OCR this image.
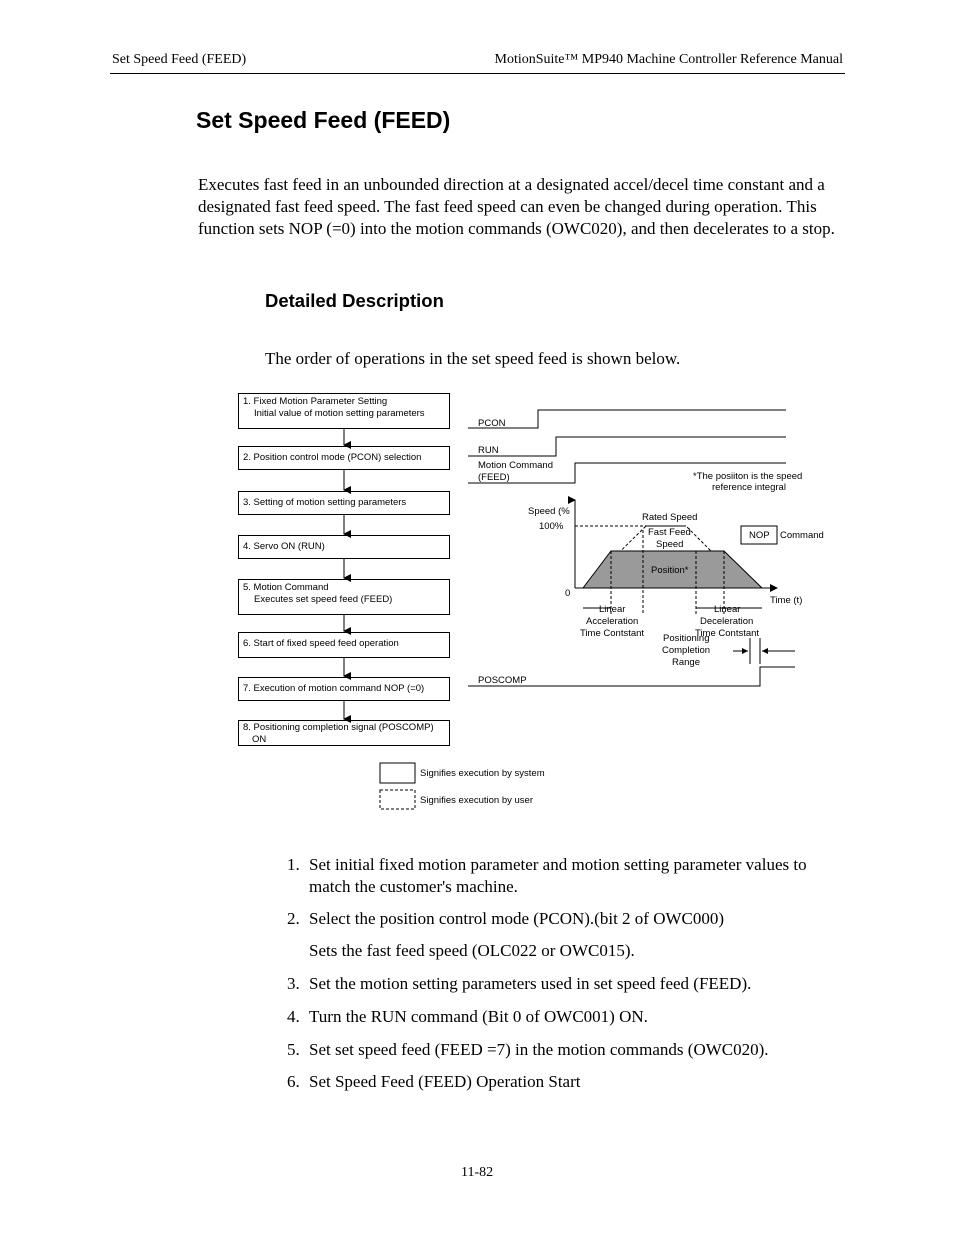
Set Speed Feed (FEED)	MotionSuite™ MP940 Machine Controller Reference Manual
Set Speed Feed (FEED)

Executes fast feed in an unbounded direction at a designated accel/decel time constant and a designated fast feed speed. The fast feed speed can even be changed during operation. This function sets NOP (=0) into the motion commands (OWC020), and then decelerates to a stop.

Detailed Description
The order of operations in the set speed feed is shown below.
1. Fixed Motion Parameter Setting
Initial value of motion setting parameters
2. Position control mode (PCON) selection
3. Setting of motion setting parameters
4. Servo ON (RUN)
5. Motion Command
Executes set speed feed (FEED)
6. Start of fixed speed feed operation
7. Execution of motion command NOP (=0)
8. Positioning completion signal (POSCOMP)
ON
PCON
RUN
Motion Command
(FEED)	*The posiiton is the speed
reference integral
Speed (%
100%
Rated Speed
Fast Feed
Speed
Position*
NOP Command
0
Time (t)
Linear
Acceleration
Time Contstant
Linear
Deceleration
Time Contstant
Positioning
Completion
Range
POSCOMP
Signifies execution by system
Signifies execution by user
1. Set initial fixed motion parameter and motion setting parameter values to match the customer's machine.
2. Select the position control mode (PCON).(bit 2 of OWC000)
Sets the fast feed speed (OLC022 or OWC015).
3. Set the motion setting parameters used in set speed feed (FEED).
4. Turn the RUN command (Bit 0 of OWC001) ON.
5. Set set speed feed (FEED =7) in the motion commands (OWC020).
6. Set Speed Feed (FEED) Operation Start
11-82
